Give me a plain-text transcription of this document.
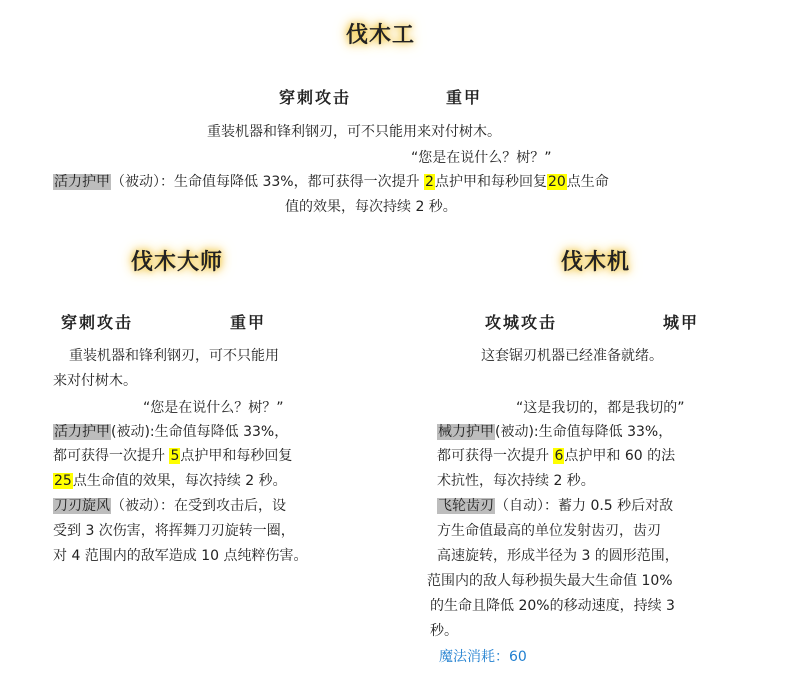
伐木工
穿刺攻击	重甲
重装机器和锋利钢刃，可不只能用来对付树木。
“您是在说什么？树？”
活力护甲（被动）：生命值每降低 33%，都可获得一次提升 2点护甲和每秒回复20点生命
值的效果，每次持续 2 秒。
伐木大师
穿刺攻击	重甲
重装机器和锋利钢刃，可不只能用
来对付树木。
“您是在说什么？树？”
活力护甲(被动):生命值每降低 33%，
都可获得一次提升 5点护甲和每秒回复
25点生命值的效果，每次持续 2 秒。
刀刃旋风（被动）：在受到攻击后，设
受到 3 次伤害，将挥舞刀刃旋转一圈，
对 4 范围内的敌军造成 10 点纯粹伤害。
伐木机
攻城攻击	城甲
这套锯刃机器已经准备就绪。
“这是我切的，都是我切的”
械力护甲(被动):生命值每降低 33%，
都可获得一次提升 6点护甲和 60 的法
术抗性，每次持续 2 秒。
飞轮齿刃（自动）：蓄力 0.5 秒后对敌
方生命值最高的单位发射齿刃，齿刃
高速旋转，形成半径为 3 的圆形范围，
范围内的敌人每秒损失最大生命值 10%
的生命且降低 20%的移动速度，持续 3
秒。
魔法消耗：60
